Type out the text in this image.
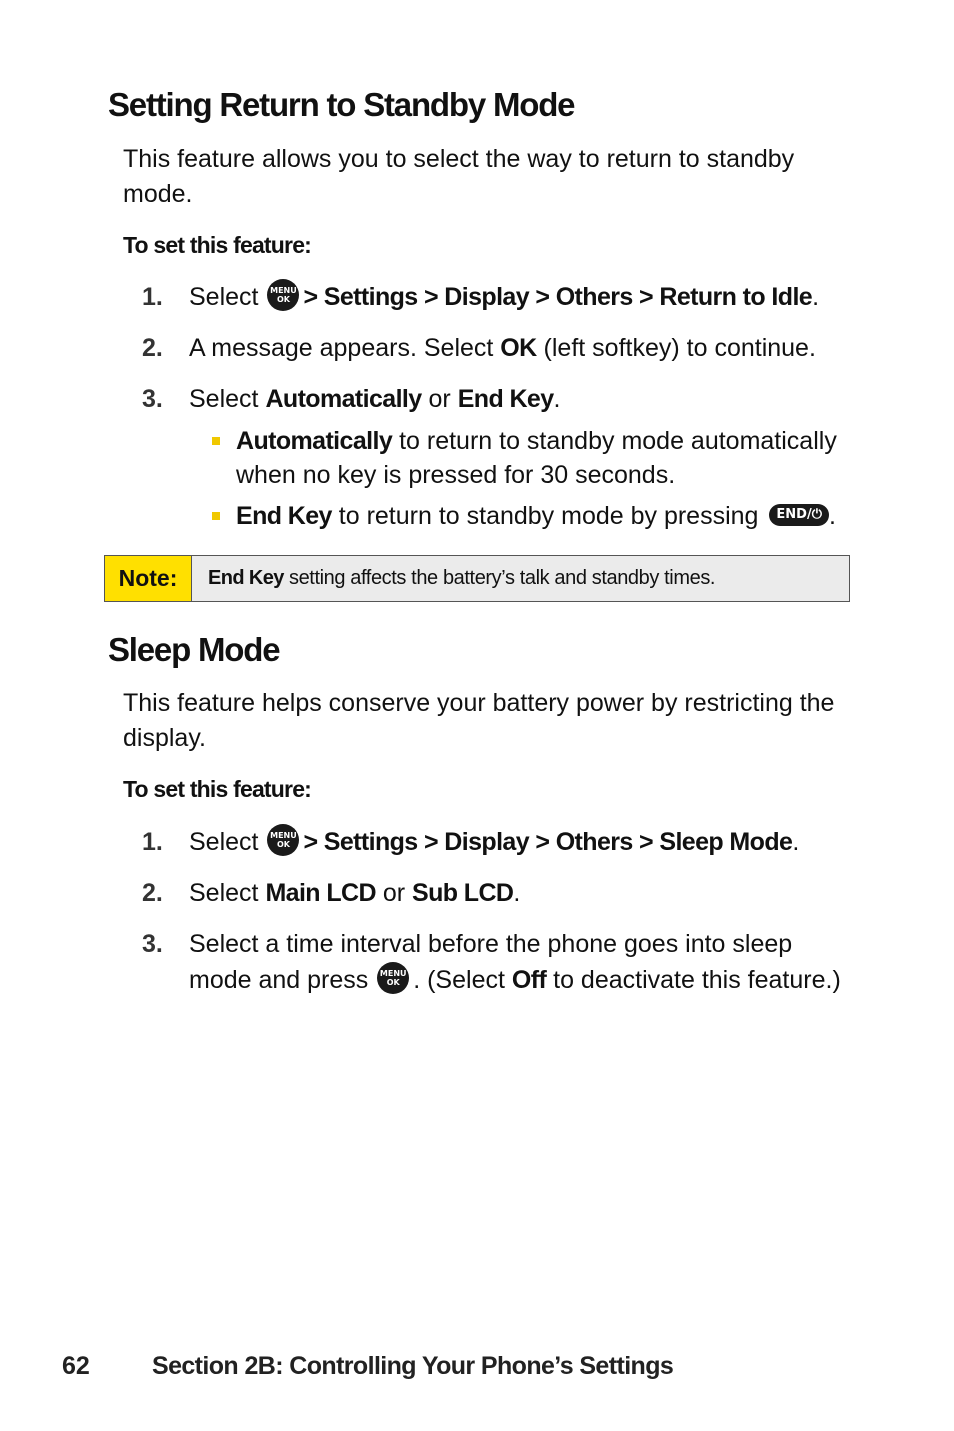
Setting Return to Standby Mode

This feature allows you to select the way to return to standby mode.

To set this feature:

1. Select MENU
OK > Settings > Display > Others > Return to Idle.
2. A message appears. Select OK (left softkey) to continue.
3. Select Automatically or End Key.
Automatically to return to standby mode automatically when no key is pressed for 30 seconds.
End Key to return to standby mode by pressing END/⏻ .
Note:	End Key setting affects the battery’s talk and standby times.
Sleep Mode

This feature helps conserve your battery power by restricting the display.

To set this feature:

1. Select MENU
OK > Settings > Display > Others > Sleep Mode.
2. Select Main LCD or Sub LCD.
3. Select a time interval before the phone goes into sleep mode and press MENU
OK . (Select Off to deactivate this feature.)
62 Section 2B: Controlling Your Phone’s Settings
